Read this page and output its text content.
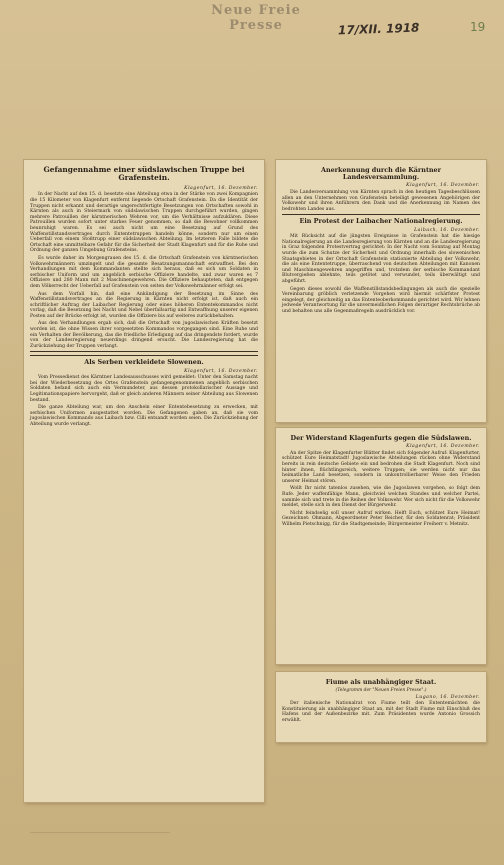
Neue Freie Presse	17/XII. 1918	19
Gefangennahme einer südslawischen Truppe bei Grafenstein.
Klagenfurt, 16. Dezember.

In der Nacht auf den 15. d. besetzte eine Abteilung etwa in der Stärke von zwei Kompagnien die 15 Kilometer von Klagenfurt entfernt liegende Ortschaft Grafenstein. Da die Identität der Truppen nicht erkannt und derartige ungerechtfertigte Besetzungen von Ortschaften sowohl in Kärnten als auch in Steiermark von südslawischen Truppen durchgeführt wurden, gingen mehrere Patrouillen der kärntnerischen Wehren vor, um die Verhältnisse aufzuklären. Diese Patrouillen wurden sofort unter starkes Feuer genommen, so daß die Bewohner vollkommen beunruhigt waren. Es sei auch nicht um eine Besetzung auf Grund des Waffenstillstandsvertrages durch Ententetruppen handeln könne, sondern nur um einen Ueberfall von einem Stoßtrupp einer südslawischen Abteilung. Im letzteren Falle bildete die Ortschaft eine unmittelbare Gefahr für die Sicherheit der Stadt Klagenfurt und für die Ruhe und Ordnung der ganzen Umgebung Grafensteins.

Es wurde daher im Morgengrauen des 15. d. die Ortschaft Grafenstein von kärntnerischen Volkswehrmännern umzingelt und die gesamte Besatzungsmannschaft entwaffnet. Bei den Verhandlungen mit dem Kommandanten stellte sich heraus, daß es sich um Soldaten in serbischer Uniform und um angeblich serbische Offiziere handelte, und zwar waren es 7 Offiziere und 280 Mann mit 2 Maschinengewehren. Die Offiziere behaupteten, daß entgegen dem Völkerrecht der Ueberfall auf Grafenstein von seiten der Volkswehrmänner erfolgt sei.

Aus dem Vorfall hin, daß eine Ankündigung der Besetzung im Sinne des Waffenstillstandsvertrages an die Regierung in Kärnten nicht erfolgt ist, daß auch ein schriftlicher Auftrag der Laibacher Regierung oder eines höheren Ententekommandos nicht vorlag, daß die Besetzung bei Nacht und Nebel überfallsartig und Entwaffnung unserer eigenen Posten auf der Brücke erfolgt ist, wurden die Offiziere bis auf weiteres zurückbehalten.

Aus den Verhandlungen ergab sich, daß die Ortschaft von jugoslawischen Kräften besetzt worden ist, die ohne Wissen ihrer vorgesetzten Kommandos vorgegangen sind. Eine Ruhe und ein Verhalten der Bevölkerung, das die friedliche Erledigung auf das dringendste fordert, wurde von der Landesregierung neuerdings dringend ersucht. Die Landesregierung hat die Zurückziehung der Truppen verlangt.

Als Serben verkleidete Slowenen.
Klagenfurt, 16. Dezember.

Vom Pressedienst des Kärntner Landesausschusses wird gemeldet: Unter den Samstag nacht bei der Wiederbesetzung des Ortes Grafenstein gefangengenommenen angeblich serbischen Soldaten befand sich auch ein Vermundeter, aus dessen protokollarischer Aussage und Legitimationspapiere hervorgeht, daß er gleich anderen Männern seiner Abteilung aus Slowenen bestand.

Die ganze Abteilung war, um den Anschein einer Ententebesetzung zu erwecken, mit serbischen Uniformen ausgestattet worden. Die Gefangenen gaben an, daß sie vom jugoslawischen Kommando aus Laibach bzw. Cilli entsandt worden seien. Die Zurückziehung der Abteilung wurde verlangt.

Anerkennung durch die Kärntner Landesversammlung.
Klagenfurt, 16. Dezember.

Die Landesversammlung von Kärnten sprach in den heutigen Tagesbeschlüssen allen an den Unternehmen von Grafenstein beteiligt gewesenen Angehörigen der Volkswehr und ihren Anführern den Dank und die Anerkennung im Namen des bedrohten Landes aus.

Ein Protest der Laibacher Nationalregierung.
Laibach, 16. Dezember.

Mit Rücksicht auf die jüngsten Ereignisse in Grafenstein hat die hiesige Nationalregierung an die Landesregierung von Kärnten und an die Landesregierung in Graz folgenden Protestvertrag gerichtet: In der Nacht vom Sonntag auf Montag wurde die zum Schutze der Sicherheit und Ordnung innerhalb des slowenischen Staatsgebietes in der Ortschaft Grafenstein stationierte Abteilung der Volkswehr, die als eine Ententetruppe, überraschend von deutschen Abteilungen mit Kanonen und Maschinengewehren angegriffen und, trotzdem der serbische Kommandant Blutvergießen ablehnte, teils getötet und verwundet, teils überwältigt und abgeführt.

Gegen dieses sowohl die Waffenstillstandsbedingungen als auch die spezielle Vereinbarung gröblich verletzende Vorgehen wird hiermit schärfster Protest eingelegt, der gleichzeitig an das Ententeoberkommando gerichtet wird. Wir lehnen jedwede Verantwortung für die unvermeidlichen Folgen derartiger Rechtsbrüche ab und behalten uns alle Gegenmaßregeln ausdrücklich vor.

Der Widerstand Klagenfurts gegen die Südslawen.
Klagenfurt, 16. Dezember.

An der Spitze der Klagenfurter Blätter findet sich folgender Aufruf: Klagenfurter, schützet Eure Heimatstadt! Jugoslawische Abteilungen rücken ohne Widerstand bereits in rein deutsche Gebiete ein und bedrohen die Stadt Klagenfurt. Noch sind hinter ihnen, flüchtlingsreich, weitere Truppen; sie werden nicht nur das heimatliche Land besetzen, sondern in unkontrollierbarer Weise den Frieden unserer Heimat stören.

Wollt Ihr nicht tatenlos zusehen, wie die Jugoslawen vorgehen, so folgt dem Rufe. Jeder waffenfähige Mann, gleichviel welchen Standes und welcher Partei, sammle sich und trete in die Reihen der Volkswehr. Wer sich nicht für die Volkswehr meldet, stelle sich in den Dienst der Bürgerwehr.

Nicht feindselig soll unser Aufruf wirken. Helft Euch, schützet Eure Heimat! Gezeichnet: Ohmann, Abgeordneter Peter Reicher, für den Soldatenrat; Präsident Wilhelm Pietschnigg, für die Stadtgemeinde; Bürgermeister Freiherr v. Metnitz.

Fiume als unabhängiger Staat.
(Telegramm der "Neuen Freien Presse".)
Lugano, 16. Dezember.

Der italienische Nationalrat von Fiume teilt den Ententemächten die Konstituierung als unabhängiger Staat an, mit der Stadt Fiume mit Einschluß des Hafens und der Außenbezirke mit. Zum Präsidenten wurde Antonio Grossich erwählt.
